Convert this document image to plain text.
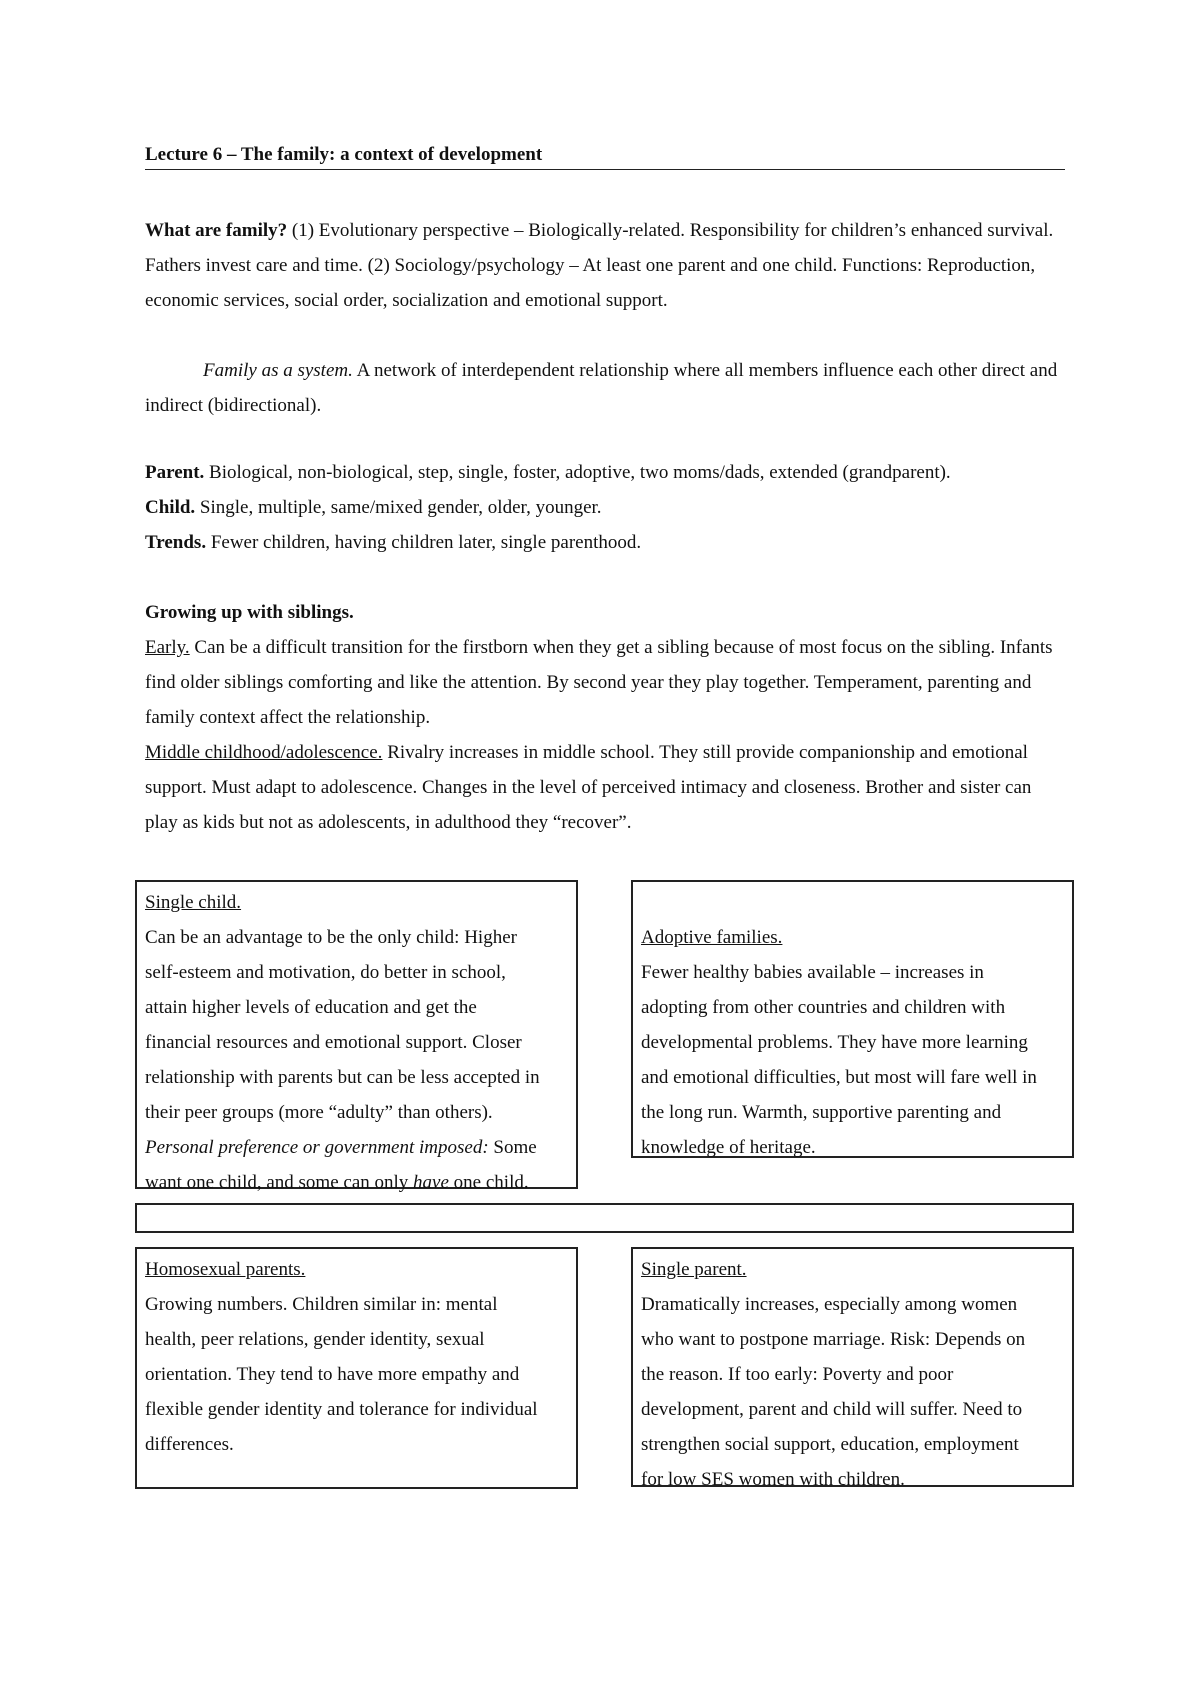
Lecture 6 – The family: a context of development
What are family? (1) Evolutionary perspective – Biologically-related. Responsibility for children’s enhanced survival. Fathers invest care and time. (2) Sociology/psychology – At least one parent and one child. Functions: Reproduction, economic services, social order, socialization and emotional support.
Family as a system. A network of interdependent relationship where all members influence each other direct and indirect (bidirectional).
Parent. Biological, non-biological, step, single, foster, adoptive, two moms/dads, extended (grandparent).
Child. Single, multiple, same/mixed gender, older, younger.
Trends. Fewer children, having children later, single parenthood.
Growing up with siblings.
Early. Can be a difficult transition for the firstborn when they get a sibling because of most focus on the sibling. Infants find older siblings comforting and like the attention. By second year they play together. Temperament, parenting and family context affect the relationship.
Middle childhood/adolescence. Rivalry increases in middle school. They still provide companionship and emotional support. Must adapt to adolescence. Changes in the level of perceived intimacy and closeness. Brother and sister can play as kids but not as adolescents, in adulthood they “recover”.
Single child.
Can be an advantage to be the only child: Higher
self-esteem and motivation, do better in school,
attain higher levels of education and get the
financial resources and emotional support. Closer
relationship with parents but can be less accepted in
their peer groups (more “adulty” than others).
Personal preference or government imposed: Some
want one child, and some can only have one child.
Adoptive families.
Fewer healthy babies available – increases in
adopting from other countries and children with
developmental problems. They have more learning
and emotional difficulties, but most will fare well in
the long run. Warmth, supportive parenting and
knowledge of heritage.
Homosexual parents.
Growing numbers. Children similar in: mental
health, peer relations, gender identity, sexual
orientation. They tend to have more empathy and
flexible gender identity and tolerance for individual
differences.
Single parent.
Dramatically increases, especially among women
who want to postpone marriage. Risk: Depends on
the reason. If too early: Poverty and poor
development, parent and child will suffer. Need to
strengthen social support, education, employment
for low SES women with children.
